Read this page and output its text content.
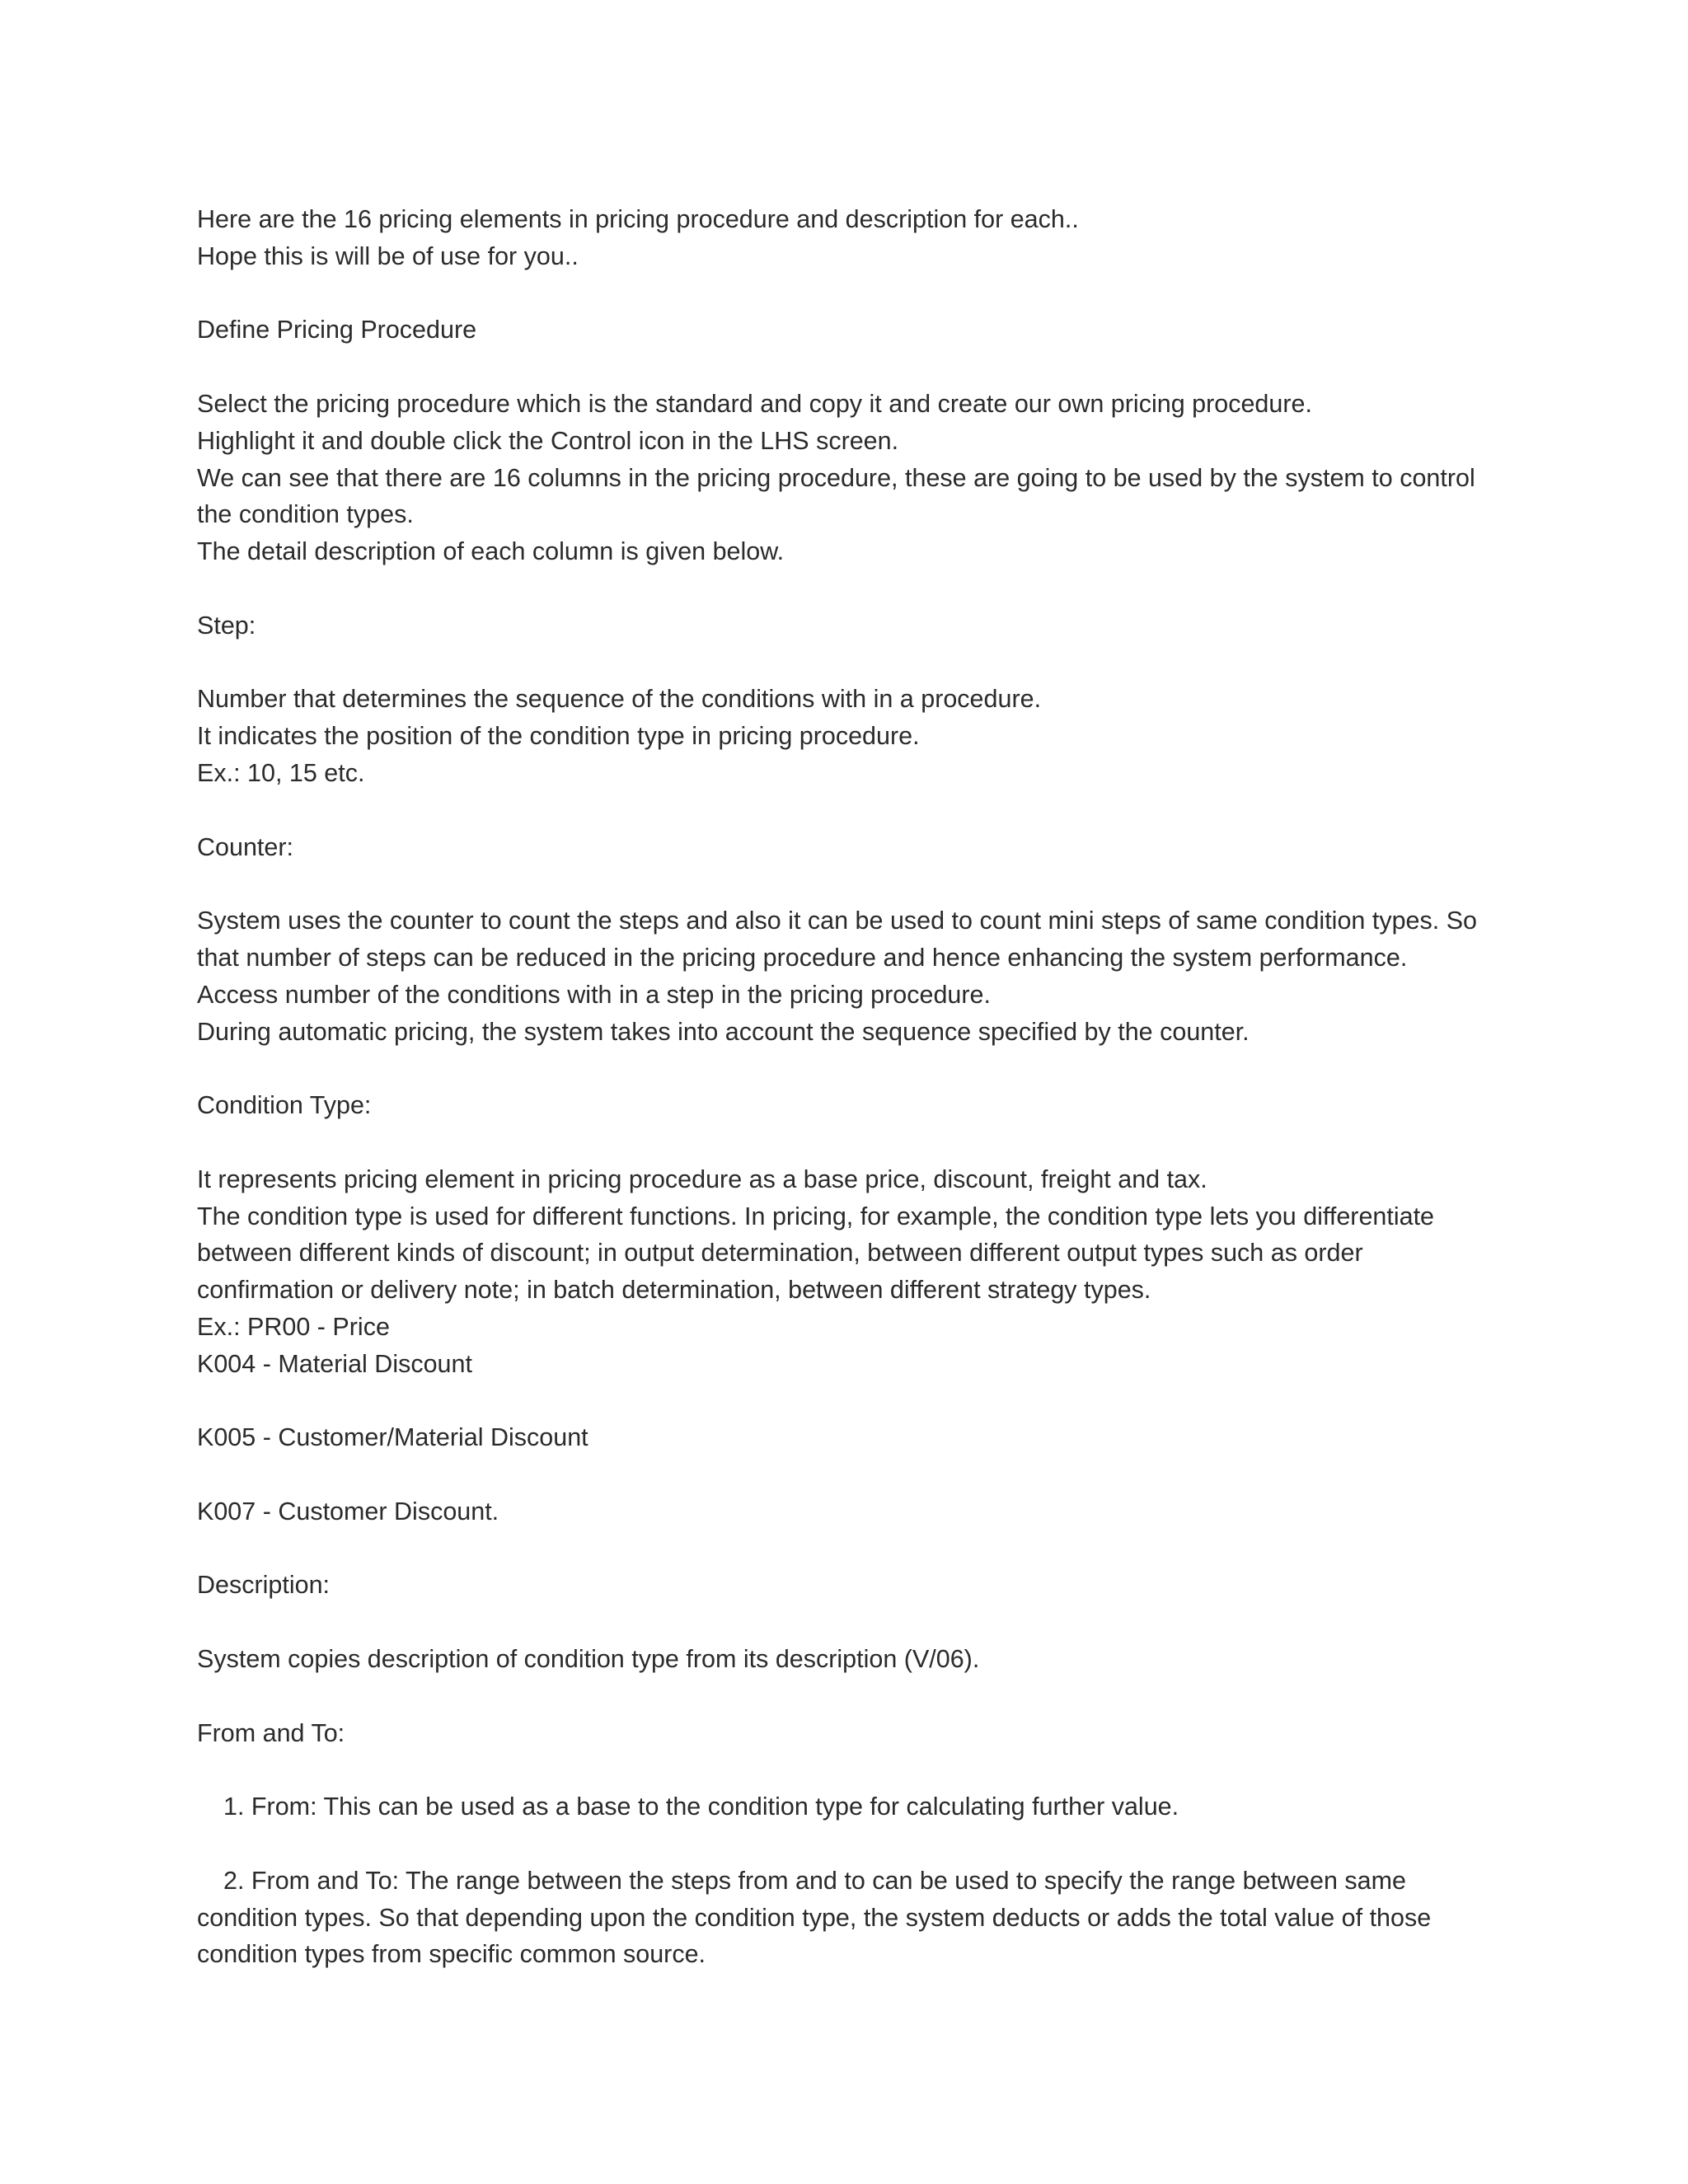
Here are the 16 pricing elements in pricing procedure and description for each..

Hope this is will be of use for you..

Define Pricing Procedure

Select the pricing procedure which is the standard and copy it and create our own pricing procedure.

Highlight it and double click the Control icon in the LHS screen.

We can see that there are 16 columns in the pricing procedure, these are going to be used by the system to control the condition types.

The detail description of each column is given below.

Step:

Number that determines the sequence of the conditions with in a procedure.

It indicates the position of the condition type in pricing procedure.

Ex.: 10, 15 etc.

Counter:

System uses the counter to count the steps and also it can be used to count mini steps of same condition types. So that number of steps can be reduced in the pricing procedure and hence enhancing the system performance.

Access number of the conditions with in a step in the pricing procedure.

During automatic pricing, the system takes into account the sequence specified by the counter.

Condition Type:

It represents pricing element in pricing procedure as a base price, discount, freight and tax.

The condition type is used for different functions. In pricing, for example, the condition type lets you differentiate between different kinds of discount; in output determination, between different output types such as order confirmation or delivery note; in batch determination, between different strategy types.

Ex.: PR00 - Price

K004 - Material Discount

K005 - Customer/Material Discount

K007 - Customer Discount.

Description:

System copies description of condition type from its description (V/06).

From and To:

1. From: This can be used as a base to the condition type for calculating further value.

2. From and To: The range between the steps from and to can be used to specify the range between same condition types. So that depending upon the condition type, the system deducts or adds the total value of those condition types from specific common source.
